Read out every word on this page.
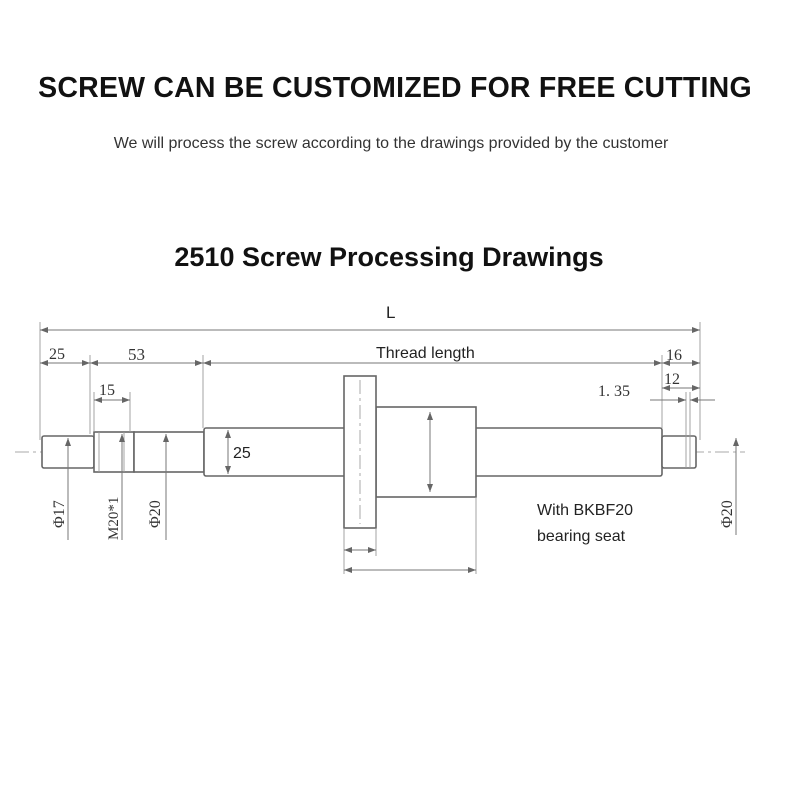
SCREW CAN BE CUSTOMIZED FOR FREE CUTTING
We will process the screw according to the drawings provided by the customer
2510 Screw Processing Drawings
L
25	53	Thread length	16
15	1. 35
12
25
Φ17	M20*1 Φ20	Φ20
With BKBF20
bearing seat
